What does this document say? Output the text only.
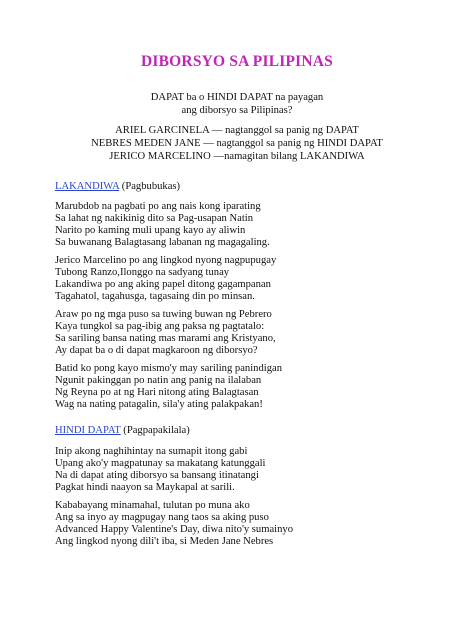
DIBORSYO SA PILIPINAS
DAPAT ba o HINDI DAPAT na payagan
ang diborsyo sa Pilipinas?
ARIEL GARCINELA — nagtanggol sa panig ng DAPAT
NEBRES MEDEN JANE — nagtanggol sa panig ng HINDI DAPAT
JERICO MARCELINO —namagitan bilang LAKANDIWA
LAKANDIWA (Pagbubukas)
Marubdob na pagbati po ang nais kong iparating
Sa lahat ng nakikinig dito sa Pag-usapan Natin
Narito po kaming muli upang kayo ay aliwin
Sa buwanang Balagtasang labanan ng magagaling.
Jerico Marcelino po ang lingkod nyong nagpupugay
Tubong Ranzo,Ilonggo na sadyang tunay
Lakandiwa po ang aking papel ditong gagampanan
Tagahatol, tagahusga, tagasaing din po minsan.
Araw po ng mga puso sa tuwing buwan ng Pebrero
Kaya tungkol sa pag-ibig ang paksa ng pagtatalo:
Sa sariling bansa nating mas marami ang Kristyano,
Ay dapat ba o di dapat magkaroon ng diborsyo?
Batid ko pong kayo mismo'y may sariling panindigan
Ngunit pakinggan po natin ang panig na ilalaban
Ng Reyna po at ng Hari nitong ating Balagtasan
Wag na nating patagalin, sila'y ating palakpakan!
HINDI DAPAT (Pagpapakilala)
Inip akong naghihintay na sumapit itong gabi
Upang ako'y magpatunay sa makatang katunggali
Na di dapat ating diborsyo sa bansang itinatangi
Pagkat hindi naayon sa Maykapal at sarili.
Kababayang minamahal, tulutan po muna ako
Ang sa inyo ay magpugay nang taos sa aking puso
Advanced Happy Valentine's Day, diwa nito'y sumainyo
Ang lingkod nyong dili't iba, si Meden Jane Nebres
